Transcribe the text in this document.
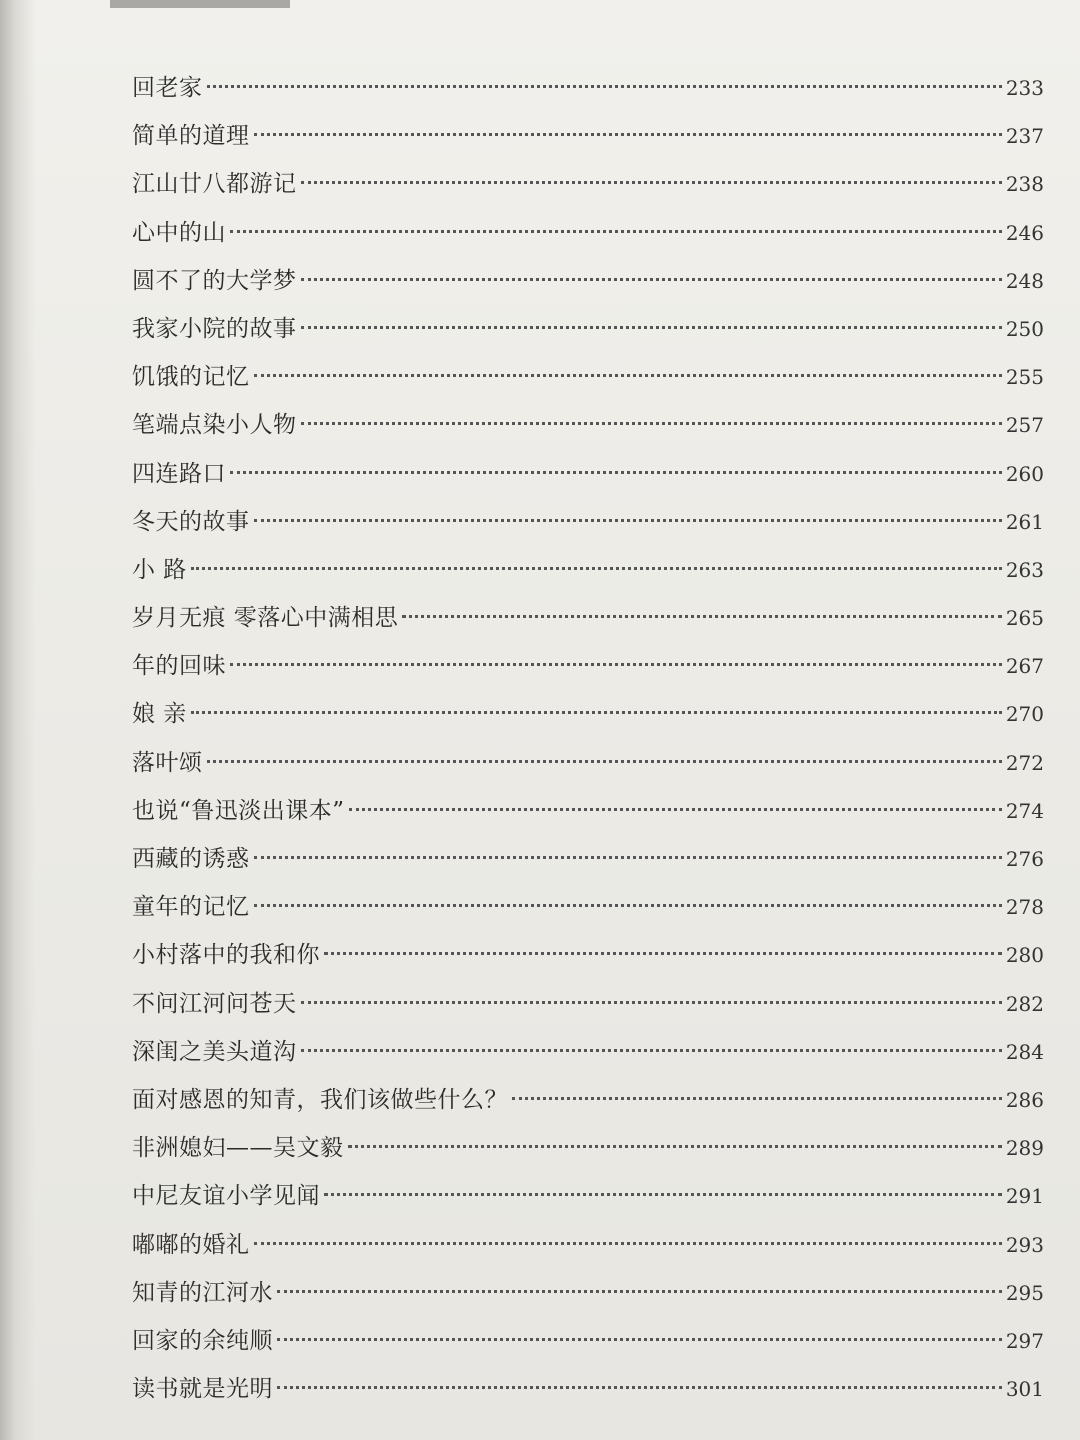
回老家	233
简单的道理	237
江山廿八都游记	238
心中的山	246
圆不了的大学梦	248
我家小院的故事	250
饥饿的记忆	255
笔端点染小人物	257
四连路口	260
冬天的故事	261
小 路	263
岁月无痕 零落心中满相思	265
年的回味	267
娘 亲	270
落叶颂	272
也说“鲁迅淡出课本”	274
西藏的诱惑	276
童年的记忆	278
小村落中的我和你	280
不问江河问苍天	282
深闺之美头道沟	284
面对感恩的知青，我们该做些什么？	286
非洲媳妇——吴文毅	289
中尼友谊小学见闻	291
嘟嘟的婚礼	293
知青的江河水	295
回家的余纯顺	297
读书就是光明	301
